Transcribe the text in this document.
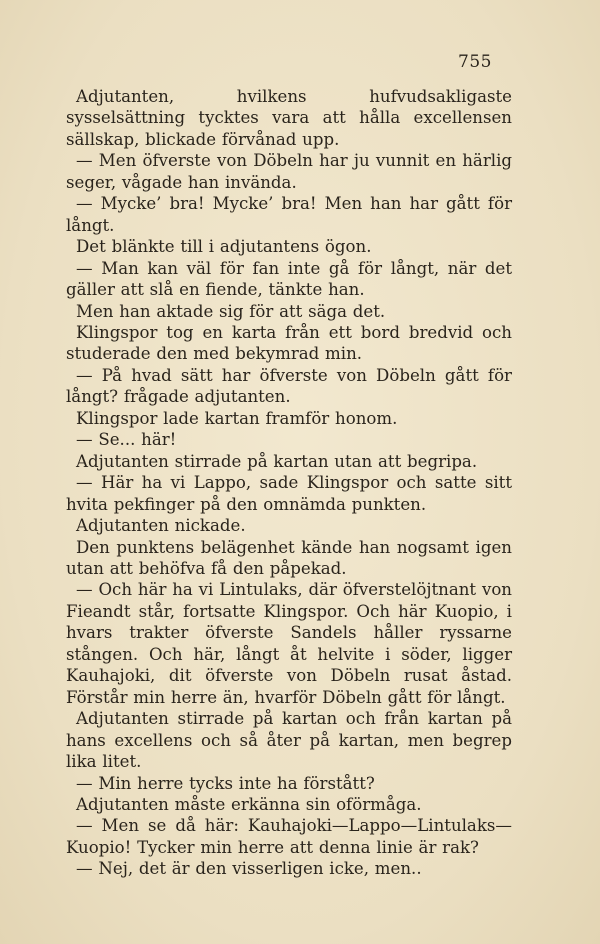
755

Adjutanten, hvilkens hufvudsakligaste sysselsättning tycktes vara att hålla excellensen sällskap, blickade förvånad upp.

— Men öfverste von Döbeln har ju vunnit en härlig seger, vågade han invända.

— Mycke’ bra! Mycke’ bra! Men han har gått för långt.

Det blänkte till i adjutantens ögon.

— Man kan väl för fan inte gå för långt, när det gäller att slå en fiende, tänkte han.

Men han aktade sig för att säga det.

Klingspor tog en karta från ett bord bredvid och studerade den med bekymrad min.

— På hvad sätt har öfverste von Döbeln gått för långt? frågade adjutanten.

Klingspor lade kartan framför honom.

— Se... här!

Adjutanten stirrade på kartan utan att begripa.

— Här ha vi Lappo, sade Klingspor och satte sitt hvita pekfinger på den omnämda punkten.

Adjutanten nickade.

Den punktens belägenhet kände han nogsamt igen utan att behöfva få den påpekad.

— Och här ha vi Lintulaks, där öfverstelöjtnant von Fieandt står, fortsatte Klingspor. Och här Kuopio, i hvars trakter öfverste Sandels håller ryssarne stången. Och här, långt åt helvite i söder, ligger Kauhajoki, dit öfverste von Döbeln rusat åstad. Förstår min herre än, hvarför Döbeln gått för långt.

Adjutanten stirrade på kartan och från kartan på hans excellens och så åter på kartan, men begrep lika litet.

— Min herre tycks inte ha förstått?

Adjutanten måste erkänna sin oförmåga.

— Men se då här: Kauhajoki—Lappo—Lintulaks—Kuopio! Tycker min herre att denna linie är rak?

— Nej, det är den visserligen icke, men..
